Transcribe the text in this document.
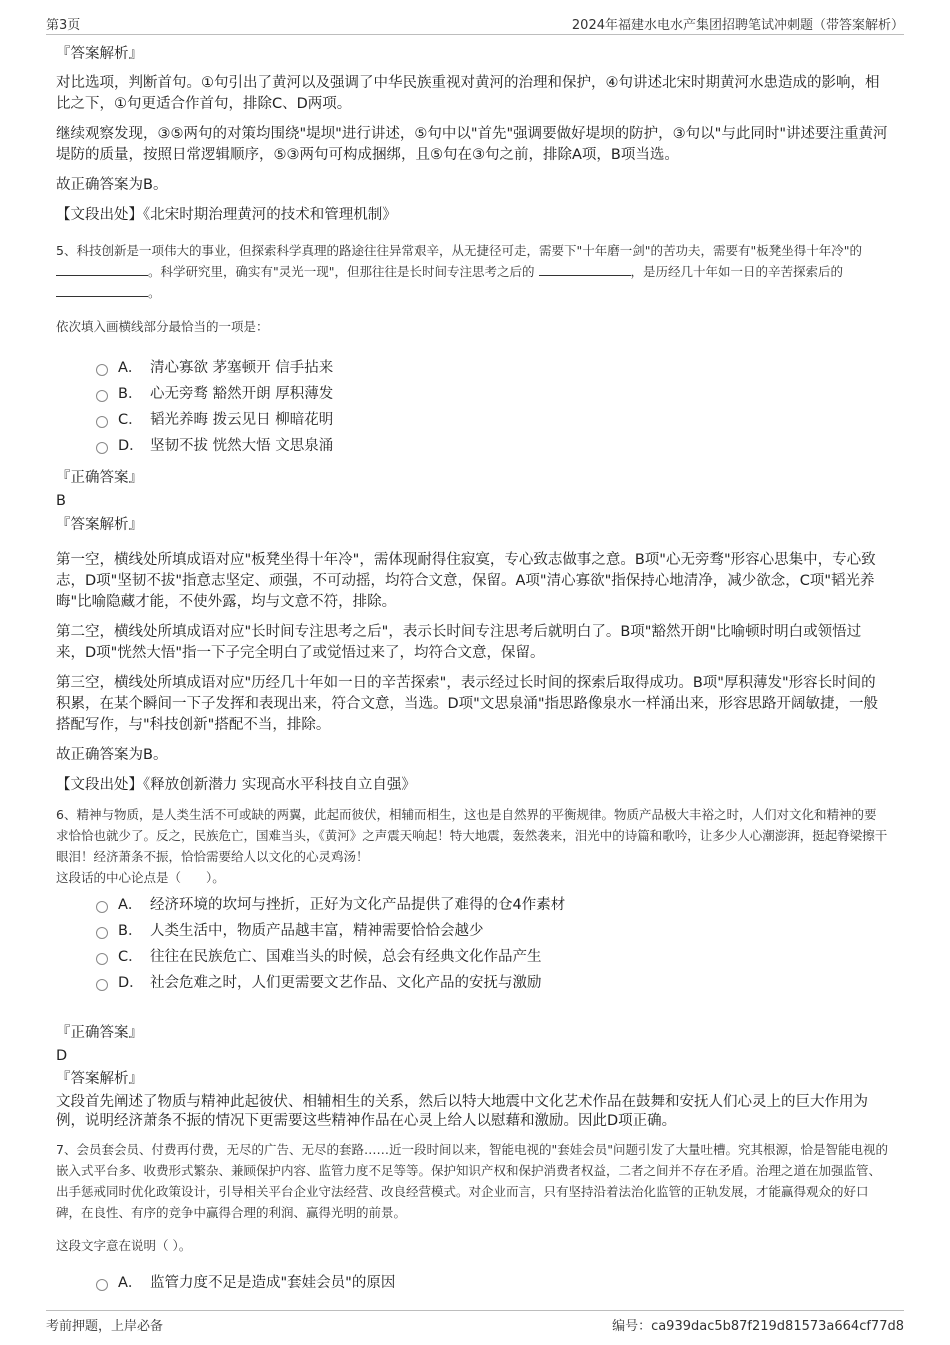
第3页	2024年福建水电水产集团招聘笔试冲刺题（带答案解析）

『答案解析』

对比选项，判断首句。①句引出了黄河以及强调了中华民族重视对黄河的治理和保护，④句讲述北宋时期黄河水患造成的影响，相比之下，①句更适合作首句，排除C、D两项。

继续观察发现，③⑤两句的对策均围绕"堤坝"进行讲述，⑤句中以"首先"强调要做好堤坝的防护，③句以"与此同时"讲述要注重黄河堤防的质量，按照日常逻辑顺序，⑤③两句可构成捆绑，且⑤句在③句之前，排除A项，B项当选。

故正确答案为B。

【文段出处】《北宋时期治理黄河的技术和管理机制》

5、科技创新是一项伟大的事业，但探索科学真理的路途往往异常艰辛，从无捷径可走，需要下"十年磨一剑"的苦功夫，需要有"板凳坐得十年冷"的 。科学研究里，确实有"灵光一现"，但那往往是长时间专注思考之后的	，是历经几十年如一日的辛苦探索后的 。

依次填入画横线部分最恰当的一项是：

A． 清心寡欲 茅塞顿开 信手拈来
B． 心无旁骛 豁然开朗 厚积薄发
C． 韬光养晦 拨云见日 柳暗花明
D． 坚韧不拔 恍然大悟 文思泉涌

『正确答案』

B

『答案解析』

第一空，横线处所填成语对应"板凳坐得十年冷"，需体现耐得住寂寞，专心致志做事之意。B项"心无旁骛"形容心思集中，专心致志，D项"坚韧不拔"指意志坚定、顽强，不可动摇，均符合文意，保留。A项"清心寡欲"指保持心地清净，减少欲念，C项"韬光养晦"比喻隐藏才能，不使外露，均与文意不符，排除。

第二空，横线处所填成语对应"长时间专注思考之后"，表示长时间专注思考后就明白了。B项"豁然开朗"比喻顿时明白或领悟过来，D项"恍然大悟"指一下子完全明白了或觉悟过来了，均符合文意，保留。

第三空，横线处所填成语对应"历经几十年如一日的辛苦探索"，表示经过长时间的探索后取得成功。B项"厚积薄发"形容长时间的积累，在某个瞬间一下子发挥和表现出来，符合文意，当选。D项"文思泉涌"指思路像泉水一样涌出来，形容思路开阔敏捷，一般搭配写作，与"科技创新"搭配不当，排除。

故正确答案为B。

【文段出处】《释放创新潜力 实现高水平科技自立自强》

6、精神与物质，是人类生活不可或缺的两翼，此起而彼伏，相辅而相生，这也是自然界的平衡规律。物质产品极大丰裕之时，人们对文化和精神的要求恰恰也就少了。反之，民族危亡，国难当头，《黄河》之声震天响起！特大地震，轰然袭来，泪光中的诗篇和歌吟，让多少人心潮澎湃，挺起脊梁擦干眼泪！经济萧条不振，恰恰需要给人以文化的心灵鸡汤！

这段话的中心论点是（　　）。

A． 经济环境的坎坷与挫折，正好为文化产品提供了难得的仓4作素材
B． 人类生活中，物质产品越丰富，精神需要恰恰会越少
C． 往往在民族危亡、国难当头的时候，总会有经典文化作品产生
D． 社会危难之时，人们更需要文艺作品、文化产品的安抚与激励

『正确答案』

D

『答案解析』

文段首先阐述了物质与精神此起彼伏、相辅相生的关系，然后以特大地震中文化艺术作品在鼓舞和安抚人们心灵上的巨大作用为例，说明经济萧条不振的情况下更需要这些精神作品在心灵上给人以慰藉和激励。因此D项正确。

7、会员套会员、付费再付费，无尽的广告、无尽的套路……近一段时间以来，智能电视的"套娃会员"问题引发了大量吐槽。究其根源，恰是智能电视的嵌入式平台多、收费形式繁杂、兼顾保护内容、监管力度不足等等。保护知识产权和保护消费者权益，二者之间并不存在矛盾。治理之道在加强监管、出手惩戒同时优化政策设计，引导相关平台企业守法经营、改良经营模式。对企业而言，只有坚持沿着法治化监管的正轨发展，才能赢得观众的好口碑，在良性、有序的竞争中赢得合理的利润、赢得光明的前景。

这段文字意在说明（ ）。

A． 监管力度不足是造成"套娃会员"的原因
考前押题，上岸必备	编号：ca939dac5b87f219d81573a664cf77d8
